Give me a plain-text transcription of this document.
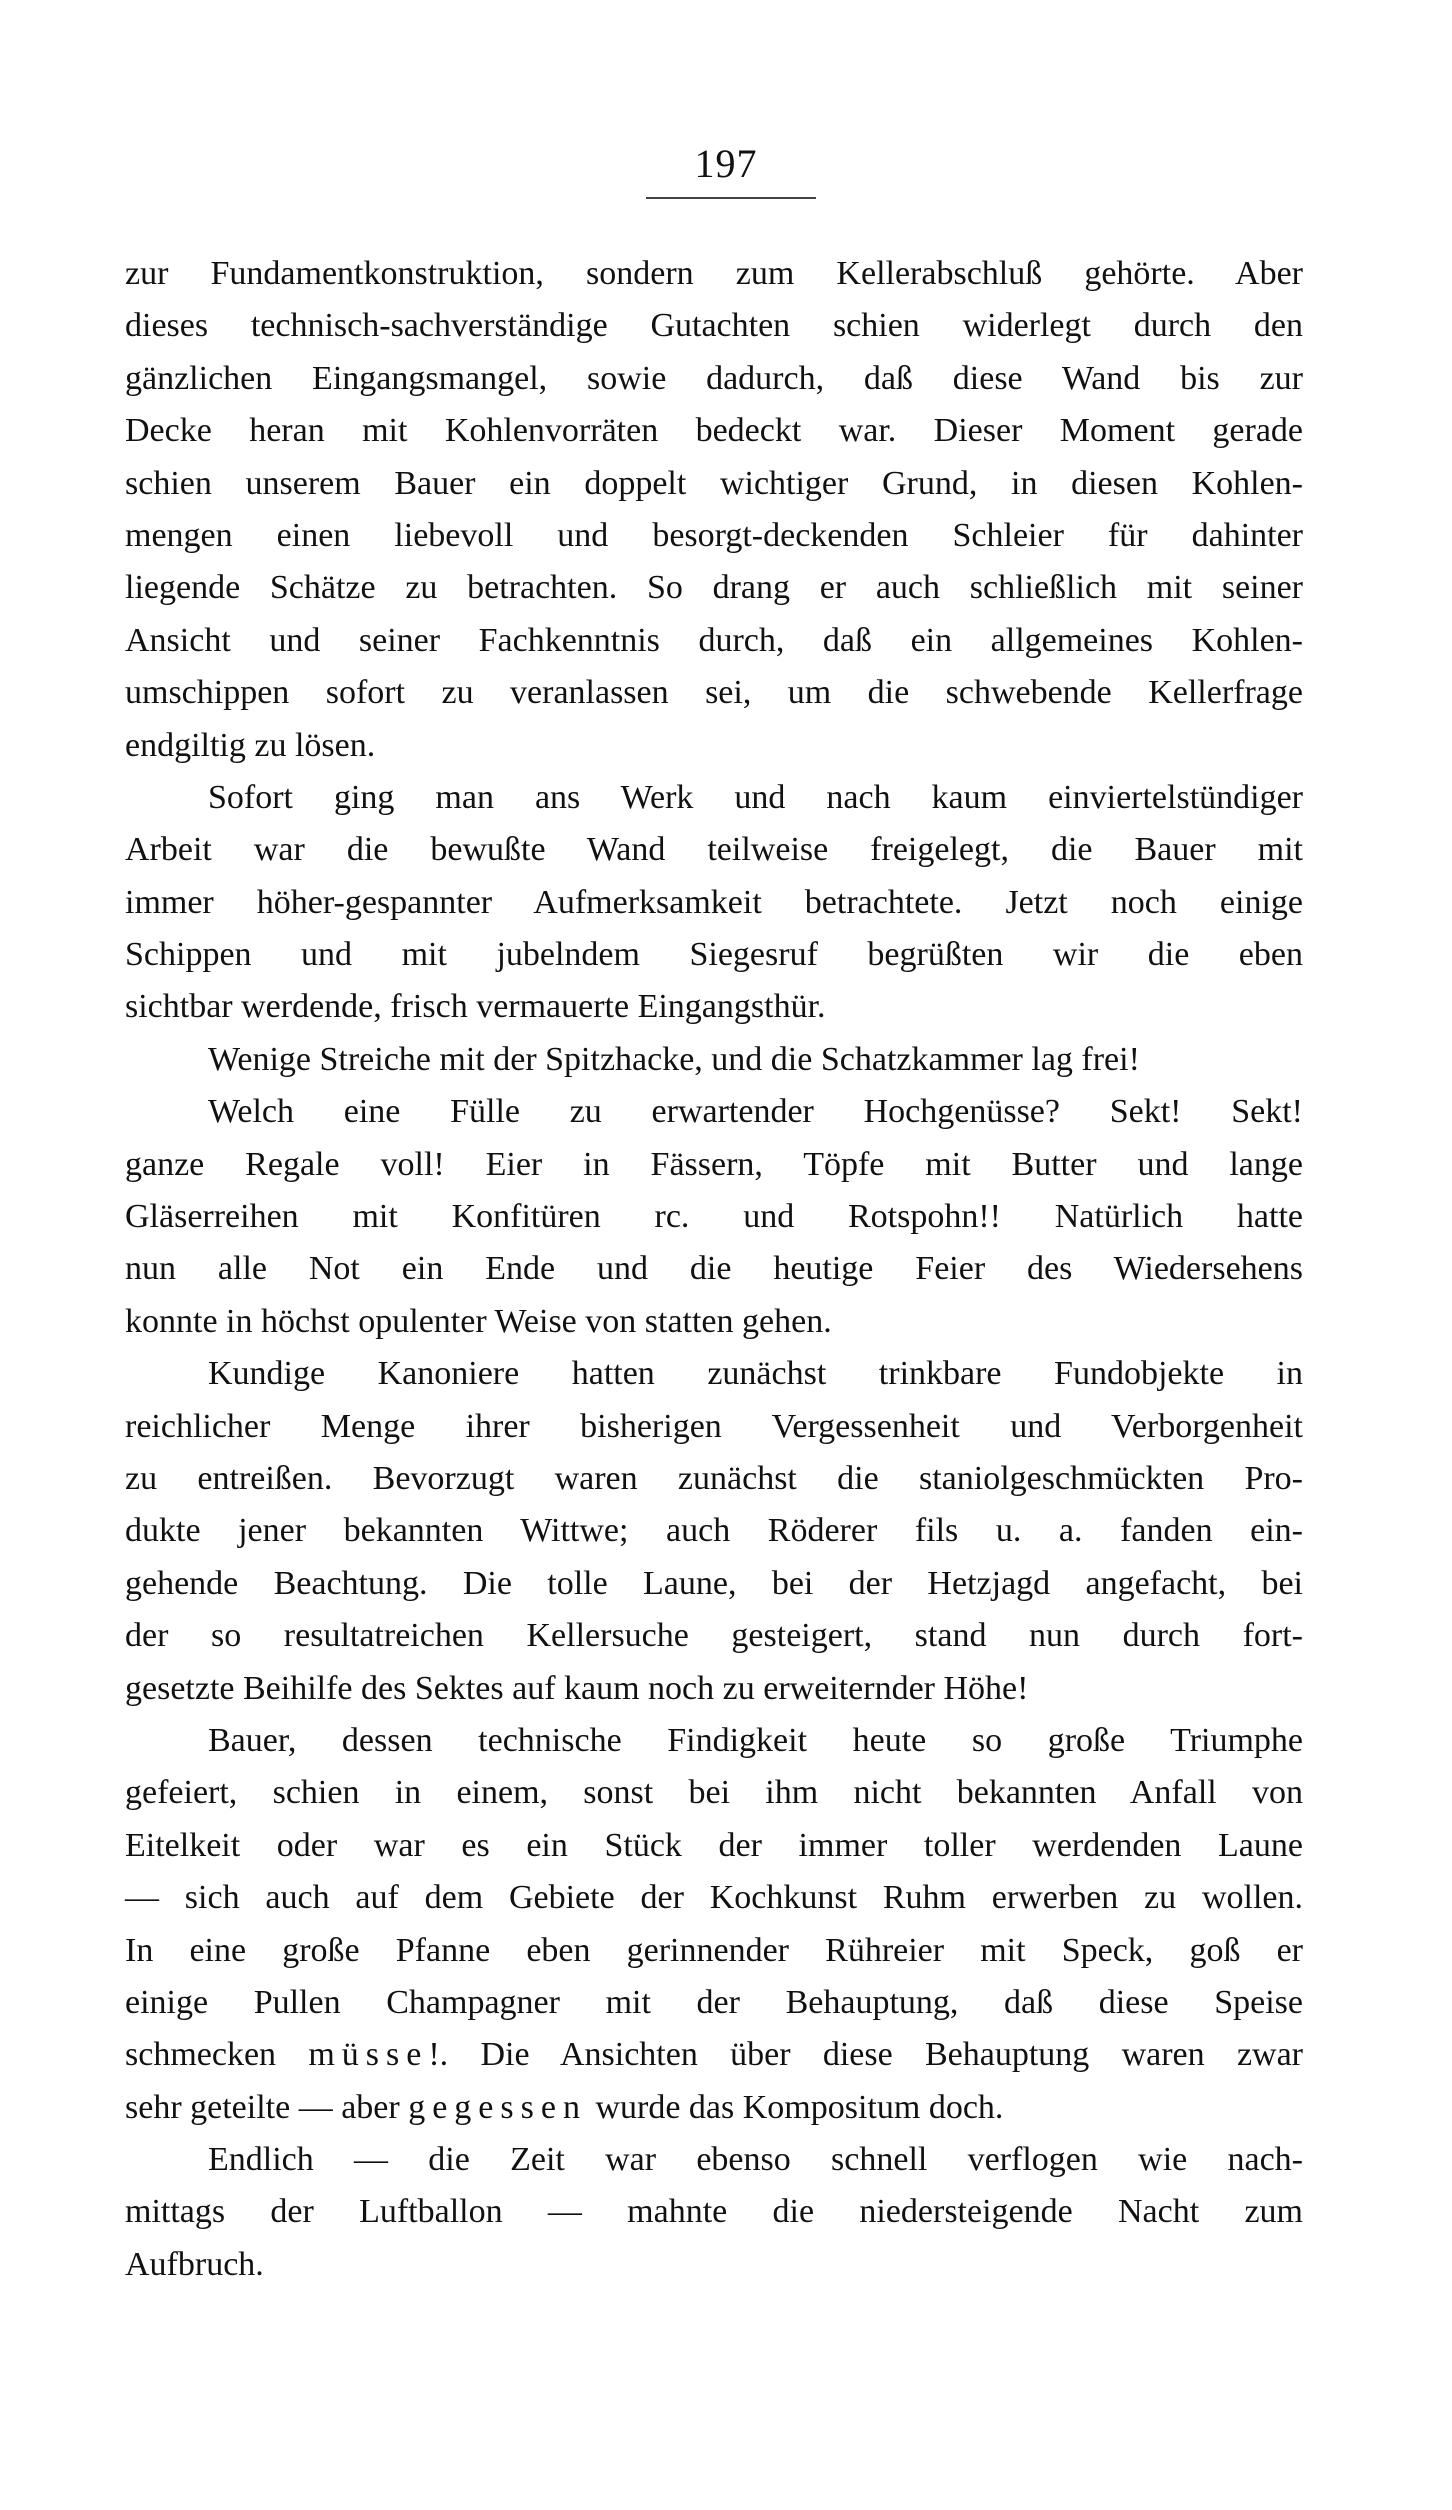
197
zur Fundamentkonstruktion, sondern zum Kellerabschluß gehörte. Aber
dieses technisch-sachverständige Gutachten schien widerlegt durch den
gänzlichen Eingangsmangel, sowie dadurch, daß diese Wand bis zur
Decke heran mit Kohlenvorräten bedeckt war. Dieser Moment gerade
schien unserem Bauer ein doppelt wichtiger Grund, in diesen Kohlen-
mengen einen liebevoll und besorgt-deckenden Schleier für dahinter
liegende Schätze zu betrachten. So drang er auch schließlich mit seiner
Ansicht und seiner Fachkenntnis durch, daß ein allgemeines Kohlen-
umschippen sofort zu veranlassen sei, um die schwebende Kellerfrage
endgiltig zu lösen.
Sofort ging man ans Werk und nach kaum einviertelstündiger
Arbeit war die bewußte Wand teilweise freigelegt, die Bauer mit
immer höher-gespannter Aufmerksamkeit betrachtete. Jetzt noch einige
Schippen und mit jubelndem Siegesruf begrüßten wir die eben
sichtbar werdende, frisch vermauerte Eingangsthür.
Wenige Streiche mit der Spitzhacke, und die Schatzkammer lag frei!
Welch eine Fülle zu erwartender Hochgenüsse? Sekt! Sekt!
ganze Regale voll! Eier in Fässern, Töpfe mit Butter und lange
Gläserreihen mit Konfitüren rc. und Rotspohn!! Natürlich hatte
nun alle Not ein Ende und die heutige Feier des Wiedersehens
konnte in höchst opulenter Weise von statten gehen.
Kundige Kanoniere hatten zunächst trinkbare Fundobjekte in
reichlicher Menge ihrer bisherigen Vergessenheit und Verborgenheit
zu entreißen. Bevorzugt waren zunächst die staniolgeschmückten Pro-
dukte jener bekannten Wittwe; auch Röderer fils u. a. fanden ein-
gehende Beachtung. Die tolle Laune, bei der Hetzjagd angefacht, bei
der so resultatreichen Kellersuche gesteigert, stand nun durch fort-
gesetzte Beihilfe des Sektes auf kaum noch zu erweiternder Höhe!
Bauer, dessen technische Findigkeit heute so große Triumphe
gefeiert, schien in einem, sonst bei ihm nicht bekannten Anfall von
Eitelkeit oder war es ein Stück der immer toller werdenden Laune
— sich auch auf dem Gebiete der Kochkunst Ruhm erwerben zu wollen.
In eine große Pfanne eben gerinnender Rühreier mit Speck, goß er
einige Pullen Champagner mit der Behauptung, daß diese Speise
schmecken müsse!. Die Ansichten über diese Behauptung waren zwar
sehr geteilte — aber gegessen wurde das Kompositum doch.
Endlich — die Zeit war ebenso schnell verflogen wie nach-
mittags der Luftballon — mahnte die niedersteigende Nacht zum
Aufbruch.
